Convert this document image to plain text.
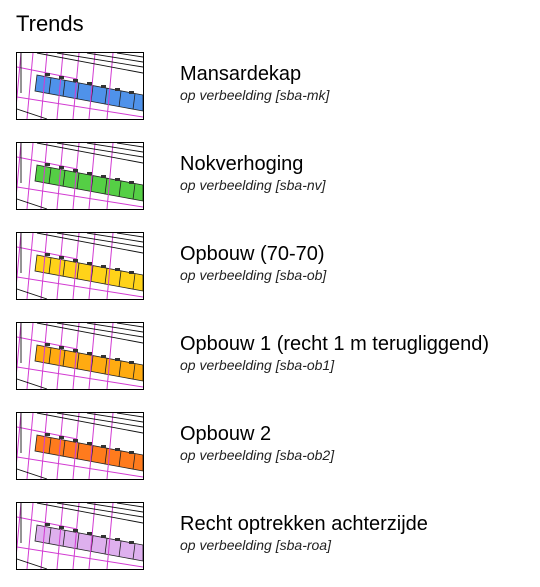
Trends
Mansardekap
op verbeelding [sba-mk]
Nokverhoging
op verbeelding [sba-nv]
Opbouw (70-70)
op verbeelding [sba-ob]
Opbouw 1 (recht 1 m terugliggend)
op verbeelding [sba-ob1]
Opbouw 2
op verbeelding [sba-ob2]
Recht optrekken achterzijde
op verbeelding [sba-roa]
